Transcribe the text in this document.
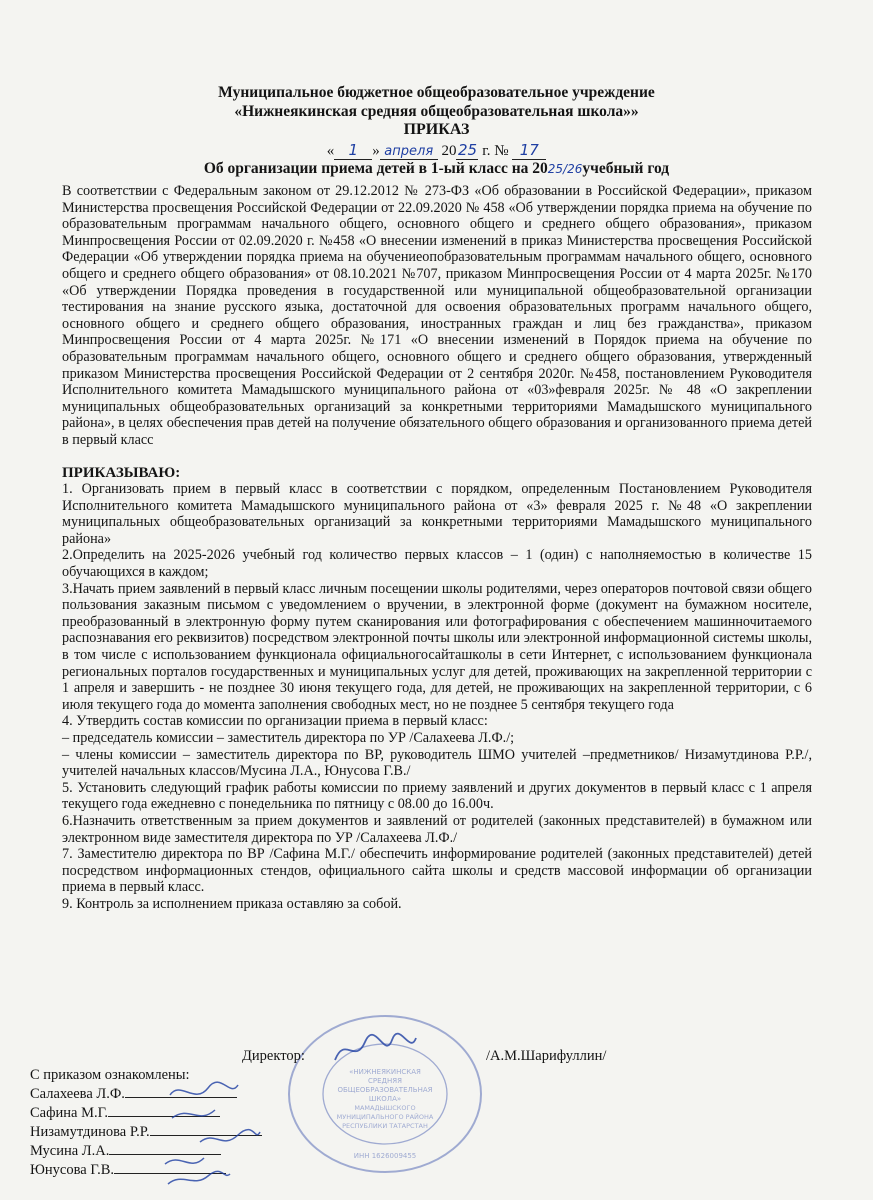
Муниципальное бюджетное общеобразовательное учреждение
«Нижнеякинская средняя общеобразовательная школа»»
ПРИКАЗ
« 1 » апреля 2025 г. № 17
Об организации приема детей в 1-ый класс на 2025/26учебный год

В соответствии с Федеральным законом от 29.12.2012 № 273-ФЗ «Об образовании в Российской Федерации», приказом Министерства просвещения Российской Федерации от 22.09.2020 № 458 «Об утверждении порядка приема на обучение по образовательным программам начального общего, основного общего и среднего общего образования», приказом Минпросвещения России от 02.09.2020 г. №458 «О внесении изменений в приказ Министерства просвещения Российской Федерации «Об утверждении порядка приема на обучениеопобразовательным программам начального общего, основного общего и среднего общего образования» от 08.10.2021 №707, приказом Минпросвещения России от 4 марта 2025г. №170 «Об утверждении Порядка проведения в государственной или муниципальной общеобразовательной организации тестирования на знание русского языка, достаточной для освоения образовательных программ начального общего, основного общего и среднего общего образования, иностранных граждан и лиц без гражданства», приказом Минпросвещения России от 4 марта 2025г. №171 «О внесении изменений в Порядок приема на обучение по образовательным программам начального общего, основного общего и среднего общего образования, утвержденный приказом Министерства просвещения Российской Федерации от 2 сентября 2020г. №458, постановлением Руководителя Исполнительного комитета Мамадышского муниципального района от «03»февраля 2025г. № 48 «О закреплении муниципальных общеобразовательных организаций за конкретными территориями Мамадышского муниципального района», в целях обеспечения прав детей на получение обязательного общего образования и организованного приема детей в первый класс

ПРИКАЗЫВАЮ:

1. Организовать прием в первый класс в соответствии с порядком, определенным Постановлением Руководителя Исполнительного комитета Мамадышского муниципального района от «3» февраля 2025 г. №48 «О закреплении муниципальных общеобразовательных организаций за конкретными территориями Мамадышского муниципального района»

2.Определить на 2025-2026 учебный год количество первых классов – 1 (один) с наполняемостью в количестве 15 обучающихся в каждом;

3.Начать прием заявлений в первый класс личным посещении школы родителями, через операторов почтовой связи общего пользования заказным письмом с уведомлением о вручении, в электронной форме (документ на бумажном носителе, преобразованный в электронную форму путем сканирования или фотографирования с обеспечением машинночитаемого распознавания его реквизитов) посредством электронной почты школы или электронной информационной системы школы, в том числе с использованием функционала официальногосайташколы в сети Интернет, с использованием функционала региональных порталов государственных и муниципальных услуг для детей, проживающих на закрепленной территории с 1 апреля и завершить - не позднее 30 июня текущего года, для детей, не проживающих на закрепленной территории, с 6 июля текущего года до момента заполнения свободных мест, но не позднее 5 сентября текущего года

4. Утвердить состав комиссии по организации приема в первый класс:

– председатель комиссии – заместитель директора по УР /Салахеева Л.Ф./;

– члены комиссии – заместитель директора по ВР, руководитель ШМО учителей –предметников/ Низамутдинова Р.Р./, учителей начальных классов/Мусина Л.А., Юнусова Г.В./

5. Установить следующий график работы комиссии по приему заявлений и других документов в первый класс с 1 апреля текущего года ежедневно с понедельника по пятницу с 08.00 до 16.00ч.

6.Назначить ответственным за прием документов и заявлений от родителей (законных представителей) в бумажном или электронном виде заместителя директора по УР /Салахеева Л.Ф./

7. Заместителю директора по ВР /Сафина М.Г./ обеспечить информирование родителей (законных представителей) детей посредством информационных стендов, официального сайта школы и средств массовой информации об организации приема в первый класс.

9. Контроль за исполнением приказа оставляю за собой.

«НИЖНЕЯКИНСКАЯ
СРЕДНЯЯ
ОБЩЕОБРАЗОВАТЕЛЬНАЯ
ШКОЛА»
МАМАДЫШСКОГО
МУНИЦИПАЛЬНОГО РАЙОНА
РЕСПУБЛИКИ ТАТАРСТАН
ИНН 1626009455
Директор:	/А.М.Шарифуллин/
С приказом ознакомлены:
Салахеева Л.Ф.
Сафина М.Г.
Низамутдинова Р.Р.
Мусина Л.А.
Юнусова Г.В.
